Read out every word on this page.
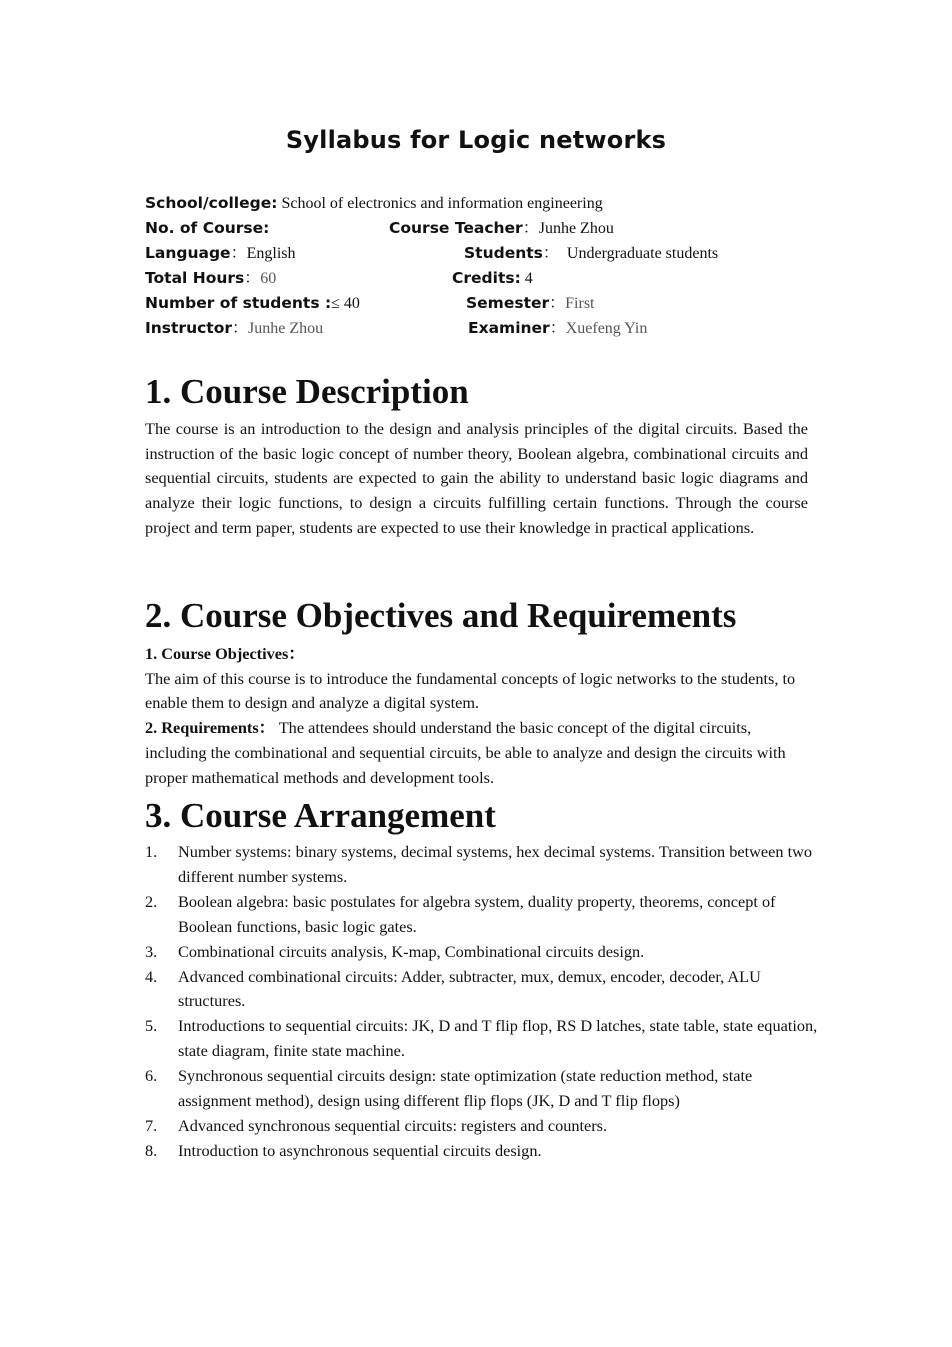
Syllabus for Logic networks
School/college: School of electronics and information engineering
No. of Course:	Course Teacher：Junhe Zhou
Language：English	Students： Undergraduate students
Total Hours：60	Credits: 4
Number of students :≤ 40	Semester：First
Instructor：Junhe Zhou	Examiner：Xuefeng Yin
1. Course Description

The course is an introduction to the design and analysis principles of the digital circuits. Based the instruction of the basic logic concept of number theory, Boolean algebra, combinational circuits and sequential circuits, students are expected to gain the ability to understand basic logic diagrams and analyze their logic functions, to design a circuits fulfilling certain functions. Through the course project and term paper, students are expected to use their knowledge in practical applications.

2. Course Objectives and Requirements

1. Course Objectives：
The aim of this course is to introduce the fundamental concepts of logic networks to the students, to enable them to design and analyze a digital system.
2. Requirements： The attendees should understand the basic concept of the digital circuits, including the combinational and sequential circuits, be able to analyze and design the circuits with proper mathematical methods and development tools.

3. Course Arrangement
1. Number systems: binary systems, decimal systems, hex decimal systems. Transition between two different number systems.
2. Boolean algebra: basic postulates for algebra system, duality property, theorems, concept of Boolean functions, basic logic gates.
3. Combinational circuits analysis, K-map, Combinational circuits design.
4. Advanced combinational circuits: Adder, subtracter, mux, demux, encoder, decoder, ALU structures.
5. Introductions to sequential circuits: JK, D and T flip flop, RS D latches, state table, state equation, state diagram, finite state machine.
6. Synchronous sequential circuits design: state optimization (state reduction method, state assignment method), design using different flip flops (JK, D and T flip flops)
7. Advanced synchronous sequential circuits: registers and counters.
8. Introduction to asynchronous sequential circuits design.
